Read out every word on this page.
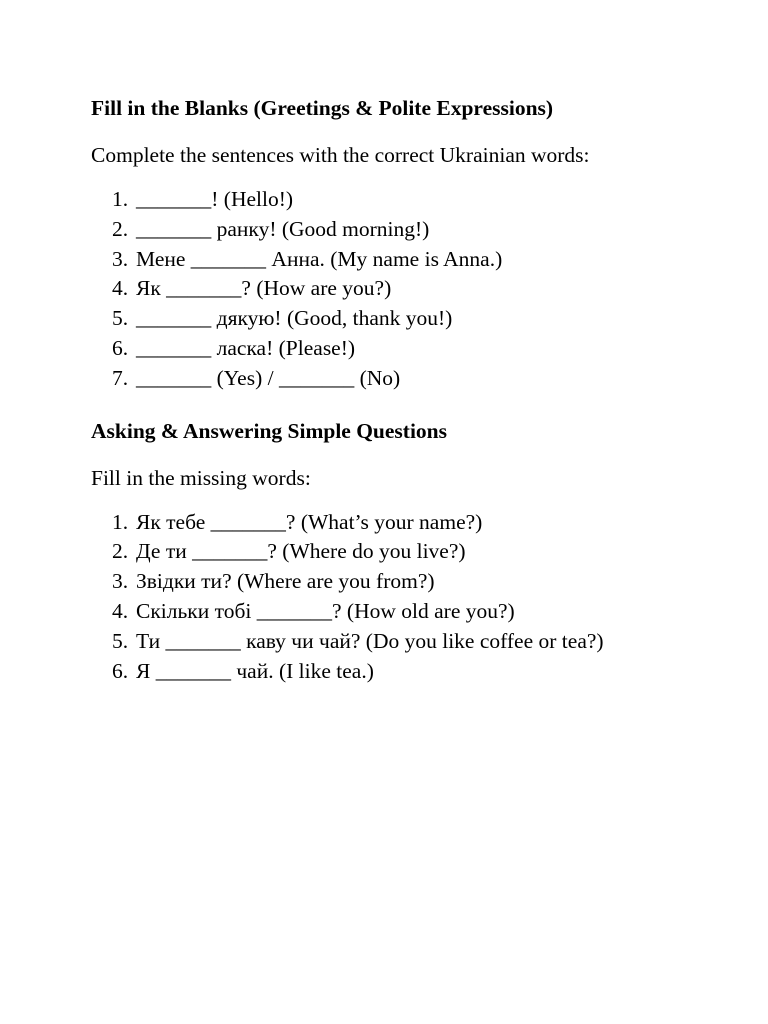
Fill in the Blanks (Greetings & Polite Expressions)

Complete the sentences with the correct Ukrainian words:

1. _______! (Hello!)
2. _______ ранку! (Good morning!)
3. Мене _______ Анна. (My name is Anna.)
4. Як _______? (How are you?)
5. _______ дякую! (Good, thank you!)
6. _______ ласка! (Please!)
7. _______ (Yes) / _______ (No)
Asking & Answering Simple Questions

Fill in the missing words:

1. Як тебе _______? (What’s your name?)
2. Де ти _______? (Where do you live?)
3. Звідки ти? (Where are you from?)
4. Скільки тобі _______? (How old are you?)
5. Ти _______ каву чи чай? (Do you like coffee or tea?)
6. Я _______ чай. (I like tea.)
